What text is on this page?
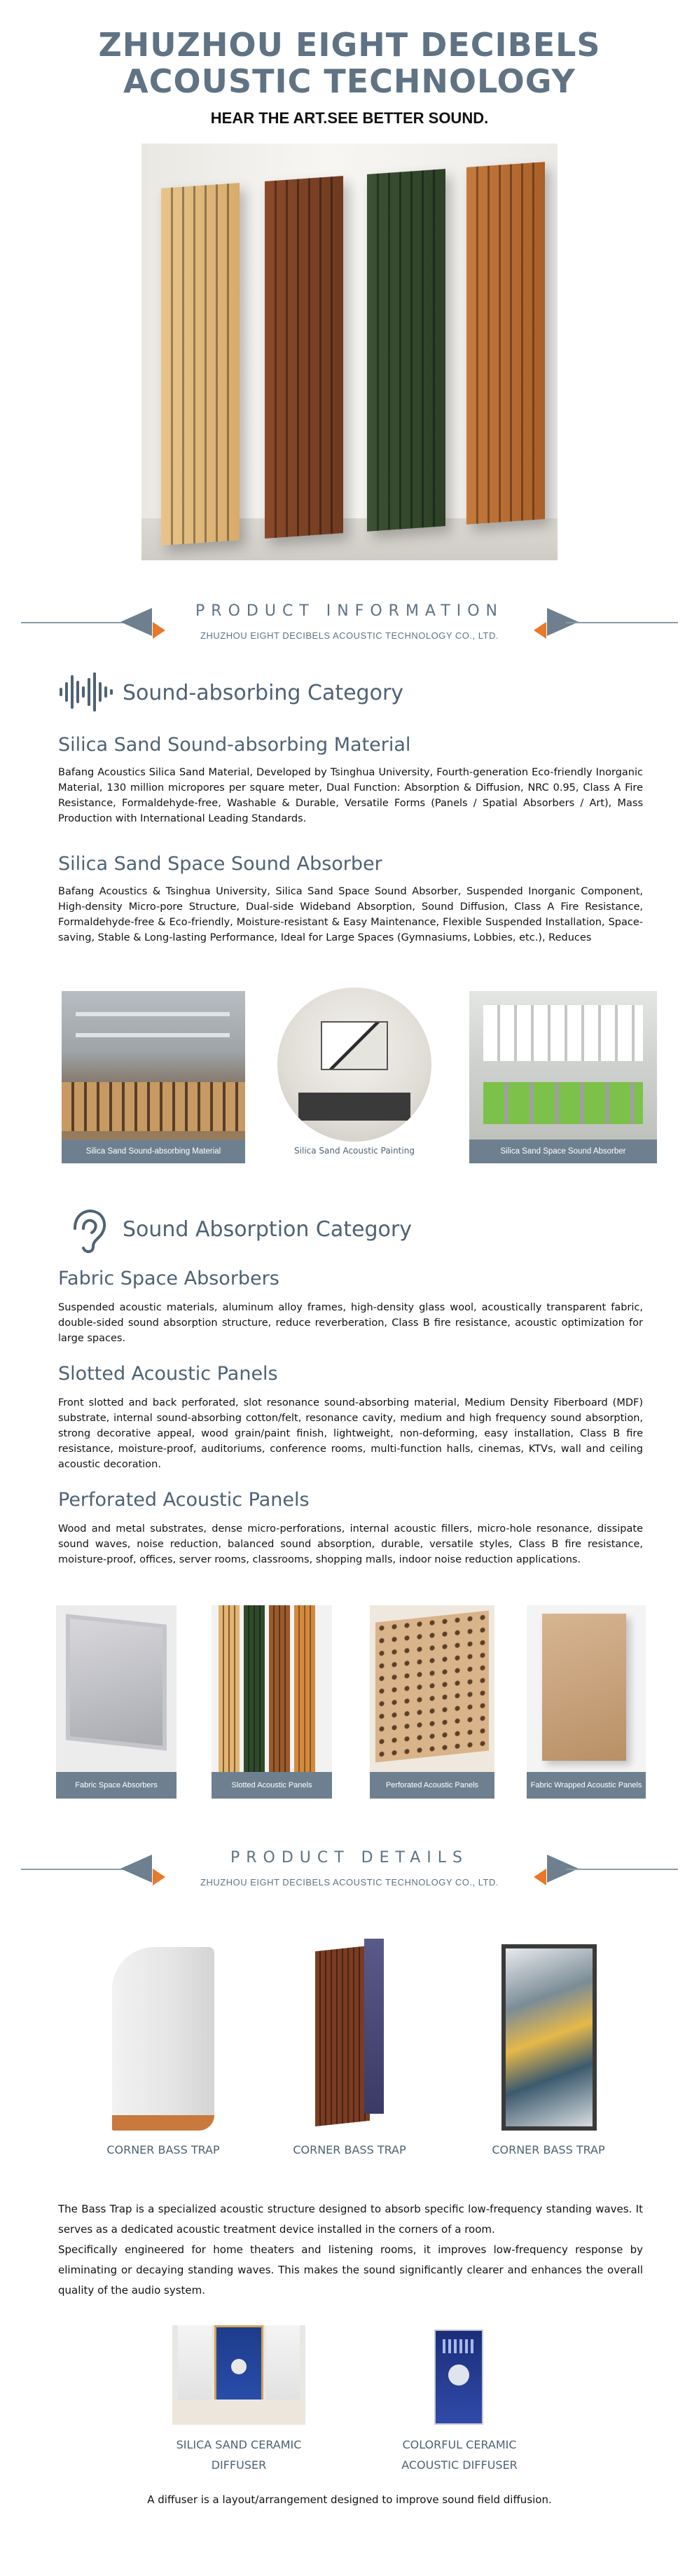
ZHUZHOU EIGHT DECIBELS ACOUSTIC TECHNOLOGY
HEAR THE ART.SEE BETTER SOUND.
PRODUCT INFORMATION
ZHUZHOU EIGHT DECIBELS ACOUSTIC TECHNOLOGY CO., LTD.
Sound-absorbing Category
Silica Sand Sound-absorbing Material
Bafang Acoustics Silica Sand Material, Developed by Tsinghua University, Fourth-generation Eco-friendly Inorganic Material, 130 million micropores per square meter, Dual Function: Absorption & Diffusion, NRC 0.95, Class A Fire Resistance, Formaldehyde-free, Washable & Durable, Versatile Forms (Panels / Spatial Absorbers / Art), Mass Production with International Leading Standards.
Silica Sand Space Sound Absorber
Bafang Acoustics & Tsinghua University, Silica Sand Space Sound Absorber, Suspended Inorganic Component, High-density Micro-pore Structure, Dual-side Wideband Absorption, Sound Diffusion, Class A Fire Resistance, Formaldehyde-free & Eco-friendly, Moisture-resistant & Easy Maintenance, Flexible Suspended Installation, Space-saving, Stable & Long-lasting Performance, Ideal for Large Spaces (Gymnasiums, Lobbies, etc.), Reduces
Silica Sand Sound-absorbing Material	Silica Sand Acoustic Painting	Silica Sand Space Sound Absorber
Sound Absorption Category
Fabric Space Absorbers
Suspended acoustic materials, aluminum alloy frames, high-density glass wool, acoustically transparent fabric, double-sided sound absorption structure, reduce reverberation, Class B fire resistance, acoustic optimization for large spaces.
Slotted Acoustic Panels
Front slotted and back perforated, slot resonance sound-absorbing material, Medium Density Fiberboard (MDF) substrate, internal sound-absorbing cotton/felt, resonance cavity, medium and high frequency sound absorption, strong decorative appeal, wood grain/paint finish, lightweight, non-deforming, easy installation, Class B fire resistance, moisture-proof, auditoriums, conference rooms, multi-function halls, cinemas, KTVs, wall and ceiling acoustic decoration.
Perforated Acoustic Panels
Wood and metal substrates, dense micro-perforations, internal acoustic fillers, micro-hole resonance, dissipate sound waves, noise reduction, balanced sound absorption, durable, versatile styles, Class B fire resistance, moisture-proof, offices, server rooms, classrooms, shopping malls, indoor noise reduction applications.
Fabric Space Absorbers	Slotted Acoustic Panels	Perforated Acoustic Panels	Fabric Wrapped Acoustic Panels
PRODUCT DETAILS
ZHUZHOU EIGHT DECIBELS ACOUSTIC TECHNOLOGY CO., LTD.
CORNER BASS TRAP	CORNER BASS TRAP	CORNER BASS TRAP
The Bass Trap is a specialized acoustic structure designed to absorb specific low-frequency standing waves. It serves as a dedicated acoustic treatment device installed in the corners of a room.
Specifically engineered for home theaters and listening rooms, it improves low-frequency response by eliminating or decaying standing waves. This makes the sound significantly clearer and enhances the overall quality of the audio system.
SILICA SAND CERAMIC DIFFUSER
COLORFUL CERAMIC ACOUSTIC DIFFUSER
A diffuser is a layout/arrangement designed to improve sound field diffusion.
